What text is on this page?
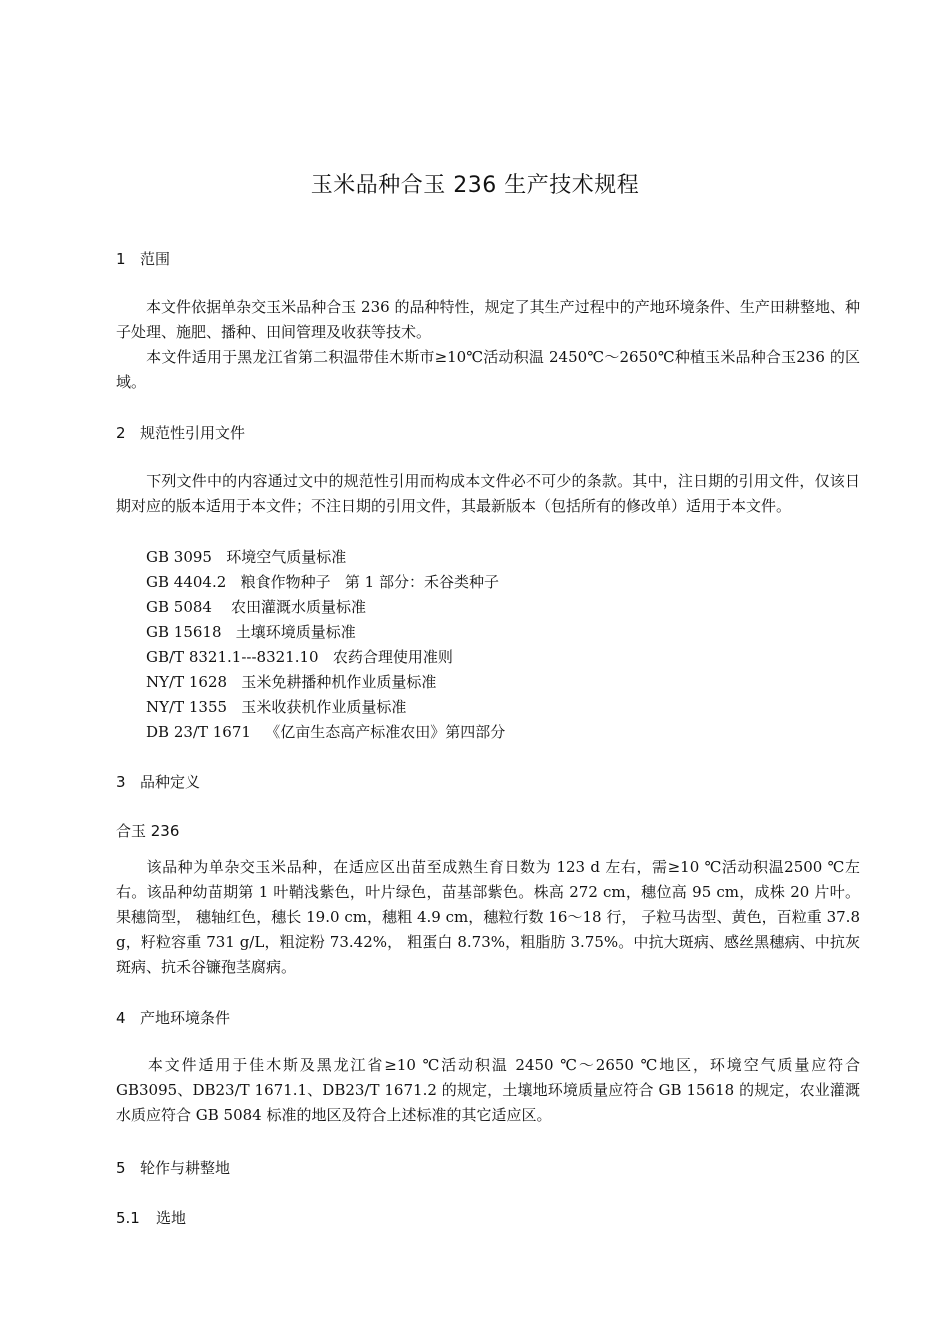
玉米品种合玉 236 生产技术规程
1 范围
本文件依据单杂交玉米品种合玉 236 的品种特性，规定了其生产过程中的产地环境条件、生产田耕整地、种子处理、施肥、播种、田间管理及收获等技术。
本文件适用于黑龙江省第二积温带佳木斯市≥10℃活动积温 2450℃～2650℃种植玉米品种合玉236 的区域。
2 规范性引用文件
下列文件中的内容通过文中的规范性引用而构成本文件必不可少的条款。其中，注日期的引用文件，仅该日期对应的版本适用于本文件；不注日期的引用文件，其最新版本（包括所有的修改单）适用于本文件。
GB 3095   环境空气质量标准
GB 4404.2   粮食作物种子   第 1 部分：禾谷类种子
GB 5084    农田灌溉水质量标准
GB 15618   土壤环境质量标准
GB/T 8321.1---8321.10   农药合理使用准则
NY/T 1628   玉米免耕播种机作业质量标准
NY/T 1355   玉米收获机作业质量标准
DB 23/T 1671   《亿亩生态高产标准农田》第四部分
3 品种定义
合玉 236
该品种为单杂交玉米品种，在适应区出苗至成熟生育日数为 123 d 左右，需≥10 ℃活动积温2500 ℃左右。该品种幼苗期第 1 叶鞘浅紫色，叶片绿色，苗基部紫色。株高 272 cm，穗位高 95 cm，成株 20 片叶。果穗筒型， 穗轴红色，穗长 19.0 cm，穗粗 4.9 cm，穗粒行数 16～18 行， 子粒马齿型、黄色，百粒重 37.8 g，籽粒容重 731 g/L，粗淀粉 73.42%， 粗蛋白 8.73%，粗脂肪 3.75%。中抗大斑病、感丝黑穗病、中抗灰斑病、抗禾谷镰孢茎腐病。
4 产地环境条件
本文件适用于佳木斯及黑龙江省≥10 ℃活动积温 2450 ℃～2650 ℃地区，环境空气质量应符合GB3095、DB23/T 1671.1、DB23/T 1671.2 的规定，土壤地环境质量应符合 GB 15618 的规定，农业灌溉水质应符合 GB 5084 标准的地区及符合上述标准的其它适应区。
5 轮作与耕整地
5.1 选地
